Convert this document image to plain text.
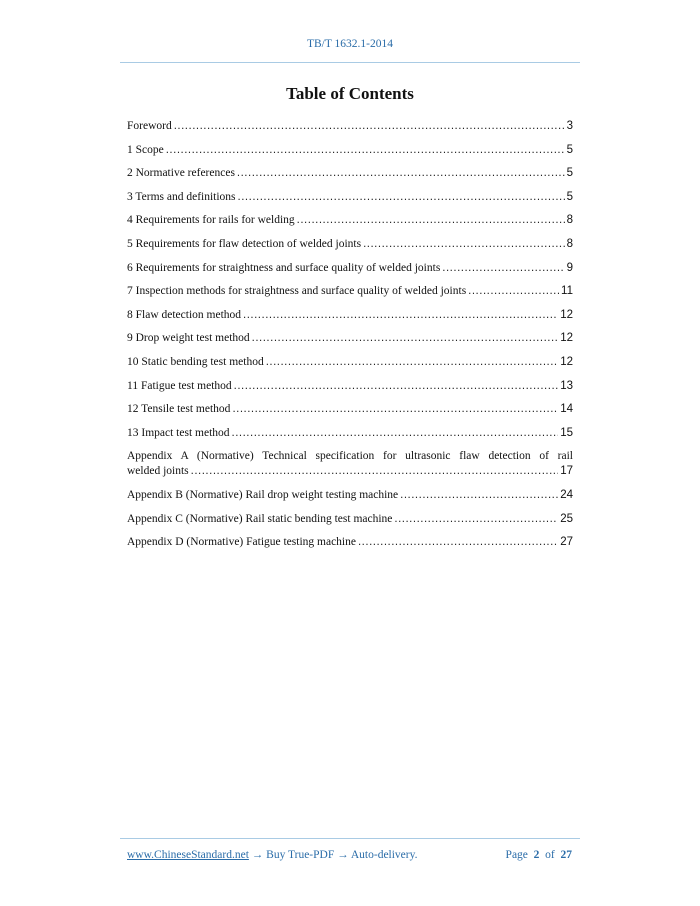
TB/T 1632.1-2014
Table of Contents
Foreword .....	3
1 Scope .....	5
2 Normative references .....	5
3 Terms and definitions .....	5
4 Requirements for rails for welding .....	8
5 Requirements for flaw detection of welded joints .....	8
6 Requirements for straightness and surface quality of welded joints .....	9
7 Inspection methods for straightness and surface quality of welded joints .....	11
8 Flaw detection method .....	12
9 Drop weight test method .....	12
10 Static bending test method .....	12
11 Fatigue test method .....	13
12 Tensile test method .....	14
13 Impact test method .....	15
Appendix A (Normative) Technical specification for ultrasonic flaw detection of rail
welded joints .....	17
Appendix B (Normative) Rail drop weight testing machine .....	24
Appendix C (Normative) Rail static bending test machine .....	25
Appendix D (Normative) Fatigue testing machine .....	27
www.ChineseStandard.net → Buy True-PDF → Auto-delivery.	Page 2 of 27
